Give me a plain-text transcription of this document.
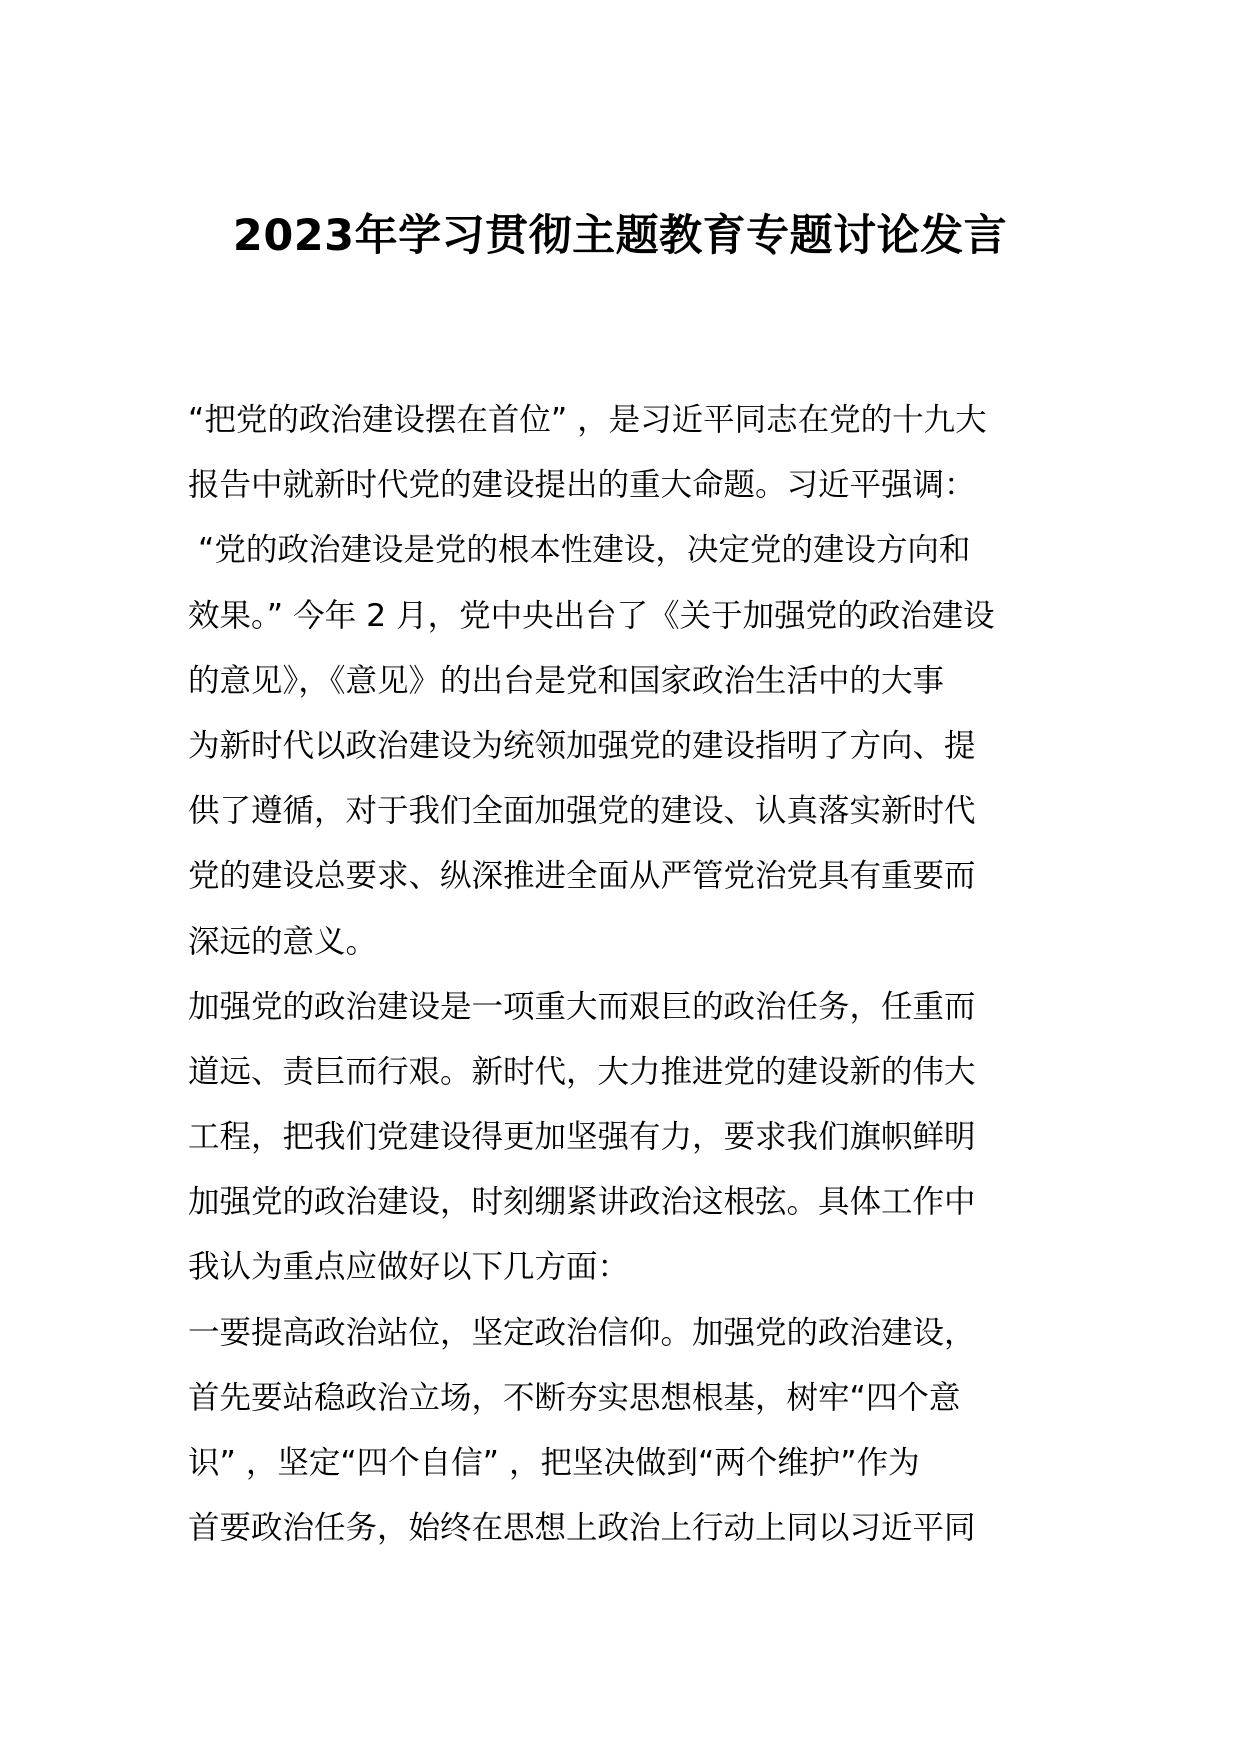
2023年学习贯彻主题教育专题讨论发言
“把党的政治建设摆在首位” ，是习近平同志在党的十九大
报告中就新时代党的建设提出的重大命题。习近平强调：
“党的政治建设是党的根本性建设，决定党的建设方向和
效果。” 今年 2 月，党中央出台了《关于加强党的政治建设
的意见》，《意见》的出台是党和国家政治生活中的大事
为新时代以政治建设为统领加强党的建设指明了方向、提
供了遵循，对于我们全面加强党的建设、认真落实新时代
党的建设总要求、纵深推进全面从严管党治党具有重要而
深远的意义。
加强党的政治建设是一项重大而艰巨的政治任务，任重而
道远、责巨而行艰。新时代，大力推进党的建设新的伟大
工程，把我们党建设得更加坚强有力，要求我们旗帜鲜明
加强党的政治建设，时刻绷紧讲政治这根弦。具体工作中
我认为重点应做好以下几方面：
一要提高政治站位，坚定政治信仰。加强党的政治建设，
首先要站稳政治立场，不断夯实思想根基，树牢“四个意
识” ，坚定“四个自信” ，把坚决做到“两个维护”作为
首要政治任务，始终在思想上政治上行动上同以习近平同
